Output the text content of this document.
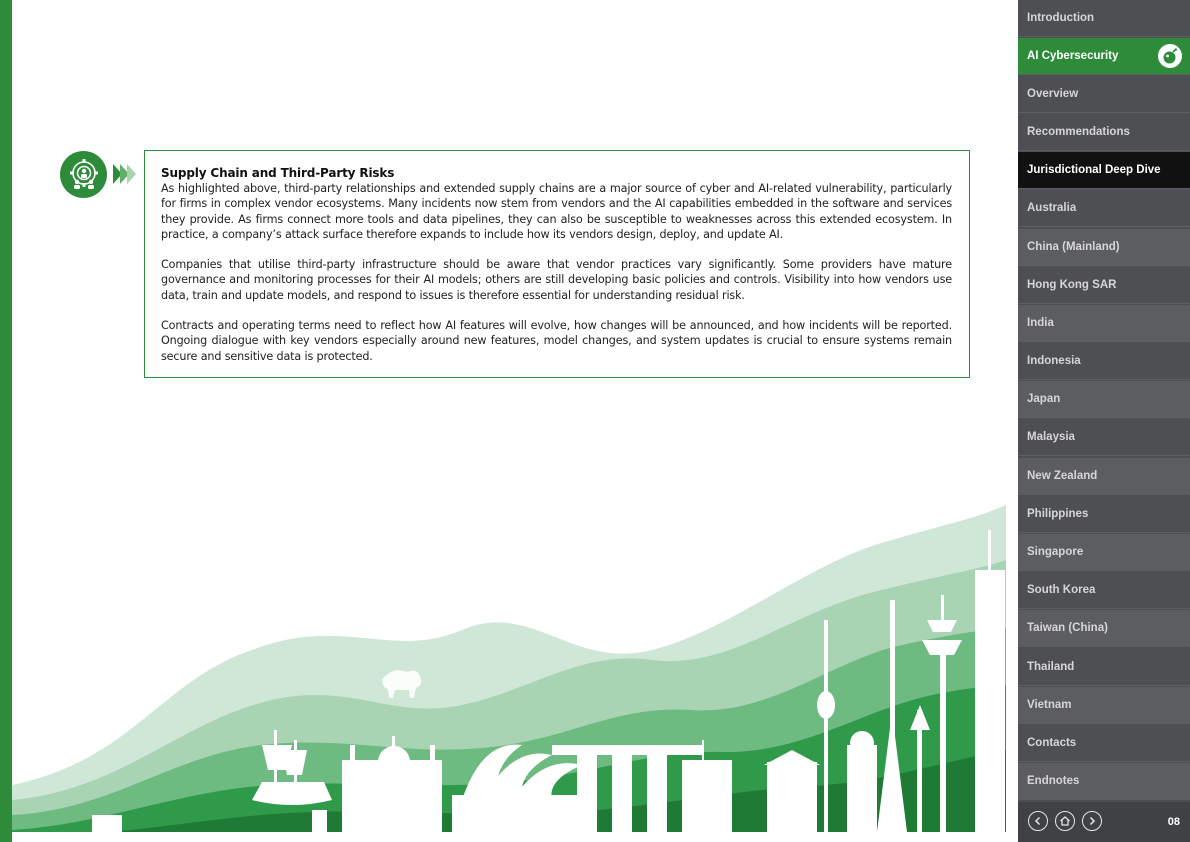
Supply Chain and Third-Party Risks

As highlighted above, third-party relationships and extended supply chains are a major source of cyber and AI-related vulnerability, particularly for firms in complex vendor ecosystems. Many incidents now stem from vendors and the AI capabilities embedded in the software and services they provide. As firms connect more tools and data pipelines, they can also be susceptible to weaknesses across this extended ecosystem. In practice, a company’s attack surface therefore expands to include how its vendors design, deploy, and update AI.

Companies that utilise third-party infrastructure should be aware that vendor practices vary significantly. Some providers have mature governance and monitoring processes for their AI models; others are still developing basic policies and controls. Visibility into how vendors use data, train and update models, and respond to issues is therefore essential for understanding residual risk.

Contracts and operating terms need to reflect how AI features will evolve, how changes will be announced, and how incidents will be reported. Ongoing dialogue with key vendors especially around new features, model changes, and system updates is crucial to ensure systems remain secure and sensitive data is protected.

Introduction
AI Cybersecurity
Overview
Recommendations
Jurisdictional Deep Dive
Australia
China (Mainland)
Hong Kong SAR
India
Indonesia
Japan
Malaysia
New Zealand
Philippines
Singapore
South Korea
Taiwan (China)
Thailand
Vietnam
Contacts
Endnotes
08
